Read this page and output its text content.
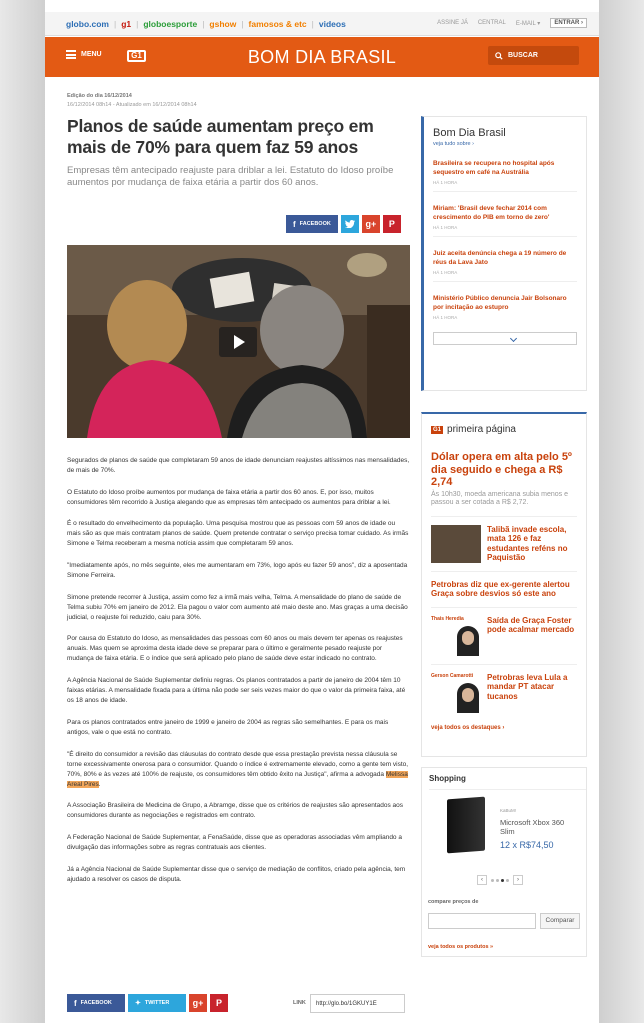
globo.com | g1 | globoesporte | gshow | famosos & etc | videos	ASSINE JÁ CENTRAL E-MAIL ▾	ENTRAR ›
MENU	G1	BOM DIA BRASIL	BUSCAR
Edição do dia 16/12/2014
16/12/2014 08h14 - Atualizado em 16/12/2014 08h14
Planos de saúde aumentam preço em mais de 70% para quem faz 59 anos
Empresas têm antecipado reajuste para driblar a lei. Estatuto do Idoso proíbe aumentos por mudança de faixa etária a partir dos 60 anos.
f FACEBOOK	g+	P

Segurados de planos de saúde que completaram 59 anos de idade denunciam reajustes altíssimos nas mensalidades, de mais de 70%.

O Estatuto do Idoso proíbe aumentos por mudança de faixa etária a partir dos 60 anos. E, por isso, muitos consumidores têm recorrido à Justiça alegando que as empresas têm antecipado os aumentos para driblar a lei.

É o resultado do envelhecimento da população. Uma pesquisa mostrou que as pessoas com 59 anos de idade ou mais são as que mais contratam planos de saúde. Quem pretende contratar o serviço precisa tomar cuidado. As irmãs Simone e Telma receberam a mesma notícia assim que completaram 59 anos.

"Imediatamente após, no mês seguinte, eles me aumentaram em 73%, logo após eu fazer 59 anos", diz a aposentada Simone Ferreira.

Simone pretende recorrer à Justiça, assim como fez a irmã mais velha, Telma. A mensalidade do plano de saúde de Telma subiu 70% em janeiro de 2012. Ela pagou o valor com aumento até maio deste ano. Mas graças a uma decisão judicial, o reajuste foi reduzido, caiu para 30%.

Por causa do Estatuto do Idoso, as mensalidades das pessoas com 60 anos ou mais devem ter apenas os reajustes anuais. Mas quem se aproxima desta idade deve se preparar para o último e geralmente pesado reajuste por mudança de faixa etária. E o índice que será aplicado pelo plano de saúde deve estar indicado no contrato.

A Agência Nacional de Saúde Suplementar definiu regras. Os planos contratados a partir de janeiro de 2004 têm 10 faixas etárias. A mensalidade fixada para a última não pode ser seis vezes maior do que o valor da primeira faixa, até os 18 anos de idade.

Para os planos contratados entre janeiro de 1999 e janeiro de 2004 as regras são semelhantes. E para os mais antigos, vale o que está no contrato.

"É direito do consumidor a revisão das cláusulas do contrato desde que essa prestação prevista nessa cláusula se torne excessivamente onerosa para o consumidor. Quando o índice é extremamente elevado, como a gente tem visto, 70%, 80% e às vezes até 100% de reajuste, os consumidores têm obtido êxito na Justiça", afirma a advogada Melissa Areal Pires.

A Associação Brasileira de Medicina de Grupo, a Abramge, disse que os critérios de reajustes são apresentados aos consumidores durante as negociações e registrados em contrato.

A Federação Nacional de Saúde Suplementar, a FenaSaúde, disse que as operadoras associadas vêm ampliando a divulgação das informações sobre as regras contratuais aos clientes.

Já a Agência Nacional de Saúde Suplementar disse que o serviço de mediação de conflitos, criado pela agência, tem ajudado a resolver os casos de disputa.

f FACEBOOK	✦ TWITTER	g+	P	LINK	http://glo.bo/1GKUY1E
Bom Dia Brasil
veja tudo sobre ›
Brasileira se recupera no hospital após sequestro em café na Austrália
HÁ 1 HORA
Miriam: 'Brasil deve fechar 2014 com crescimento do PIB em torno de zero'
HÁ 1 HORA
Juiz aceita denúncia chega a 19 número de réus da Lava Jato
HÁ 1 HORA
Ministério Público denuncia Jair Bolsonaro por incitação ao estupro
HÁ 1 HORA
G1 primeira página
Dólar opera em alta pelo 5º dia seguido e chega a R$ 2,74
Às 10h30, moeda americana subia menos e passou a ser cotada a R$ 2,72.
Talibã invade escola, mata 126 e faz estudantes reféns no Paquistão
Petrobras diz que ex-gerente alertou Graça sobre desvios só este ano
Thais Heredia	Saída de Graça Foster pode acalmar mercado
Gerson Camarotti	Petrobras leva Lula a mandar PT atacar tucanos
veja todos os destaques ›
Shopping
KaBuM!
Microsoft Xbox 360 Slim
12 x R$74,50
‹	›
compare preços de
Comparar
veja todos os produtos »
